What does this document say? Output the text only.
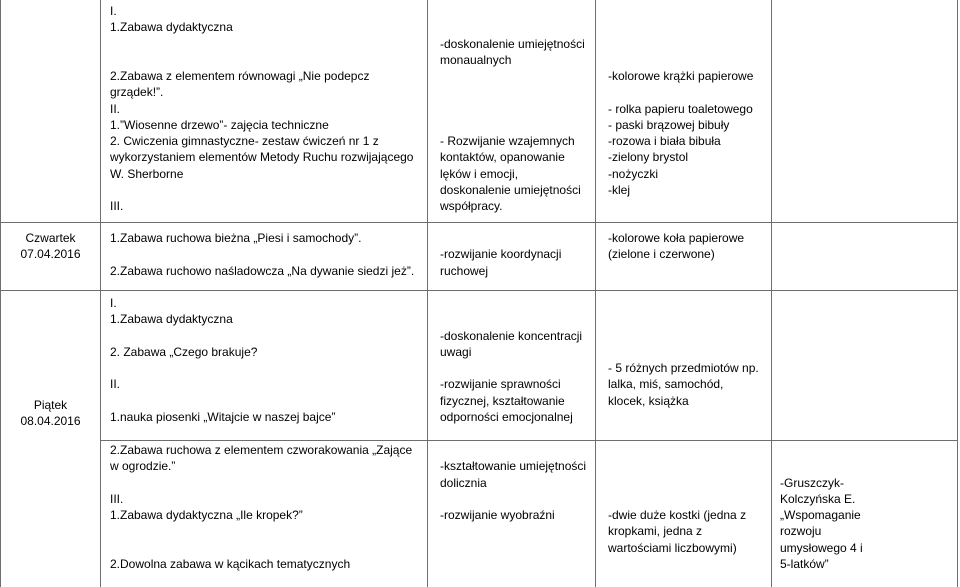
I.
1.Zabawa dydaktyczna
2.Zabawa z elementem równowagi „Nie podepcz
grządek!”.
II.
1.”Wiosenne drzewo”- zajęcia techniczne
2. Cwiczenia gimnastyczne- zestaw ćwiczeń nr 1 z
wykorzystaniem elementów Metody Ruchu rozwijającego
W. Sherborne
III.
-doskonalenie umiejętności
monaualnych
- Rozwijanie wzajemnych
kontaktów, opanowanie
lęków i emocji,
doskonalenie umiejętności
współpracy.
-kolorowe krążki papierowe
- rolka papieru toaletowego
- paski brązowej bibuły
-rozowa i biała bibuła
-zielony brystol
-nożyczki
-klej
Czwartek
07.04.2016
1.Zabawa ruchowa bieżna „Piesi i samochody”.
2.Zabawa ruchowo naśladowcza „Na dywanie siedzi jeż”.
-rozwijanie koordynacji
ruchowej
-kolorowe koła papierowe
(zielone i czerwone)
Piątek
08.04.2016
I.
1.Zabawa dydaktyczna
2. Zabawa „Czego brakuje?
II.
1.nauka piosenki „Witajcie w naszej bajce”
-doskonalenie koncentracji
uwagi
-rozwijanie sprawności
fizycznej, kształtowanie
odporności emocjonalnej
- 5 różnych przedmiotów np.
lalka, miś, samochód,
klocek, książka
2.Zabawa ruchowa z elementem czworakowania „Zające
w ogrodzie.”
III.
1.Zabawa dydaktyczna „Ile kropek?”
2.Dowolna zabawa w kącikach tematycznych
-kształtowanie umiejętności
dolicznia
-rozwijanie wyobraźni	-dwie duże kostki (jedna z
kropkami, jedna z
wartościami liczbowymi)
-Gruszczyk-
Kolczyńska E.
„Wspomaganie
rozwoju
umysłowego 4 i
5-latków”
